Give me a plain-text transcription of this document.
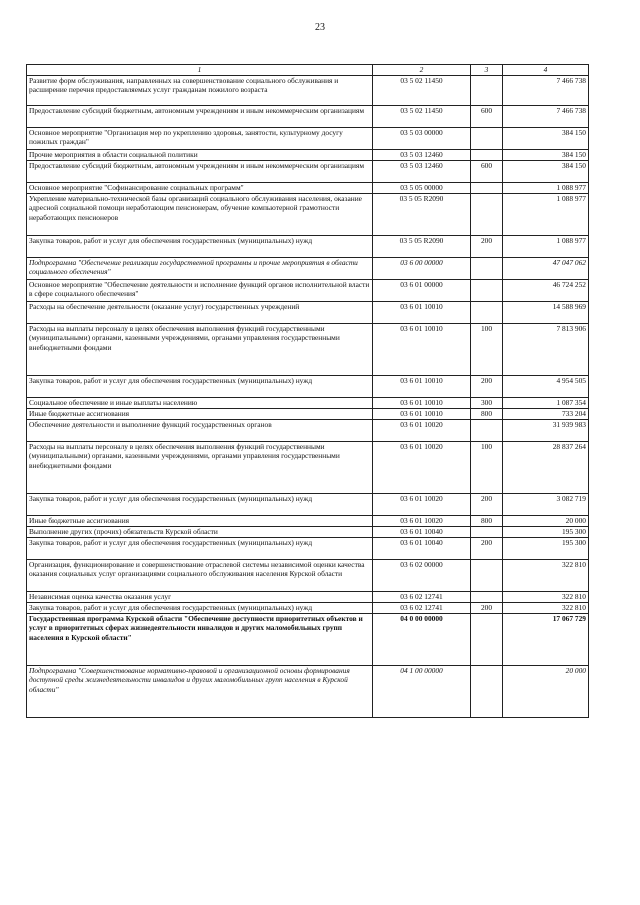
23
1	2	3	4
Развитие форм обслуживания, направленных на совершенствование социального обслуживания и расширение перечня предоставляемых услуг гражданам пожилого возраста	03 5 02 11450		7 466 738
Предоставление субсидий бюджетным, автономным учреждениям и иным некоммерческим организациям	03 5 02 11450	600	7 466 738
Основное мероприятие "Организация мер по укреплению здоровья, занятости, культурному досугу пожилых граждан"	03 5 03 00000		384 150
Прочие мероприятия в области социальной политики	03 5 03 12460		384 150
Предоставление субсидий бюджетным, автономным учреждениям и иным некоммерческим организациям	03 5 03 12460	600	384 150
Основное мероприятие "Софинансирование социальных программ"	03 5 05 00000		1 088 977
Укрепление материально-технической базы организаций социального обслуживания населения, оказание адресной социальной помощи неработающим пенсионерам, обучение компьютерной грамотности неработающих пенсионеров	03 5 05 R2090		1 088 977
Закупка товаров, работ и услуг для обеспечения государственных (муниципальных) нужд	03 5 05 R2090	200	1 088 977
Подпрограмма "Обеспечение реализации государственной программы и прочие мероприятия в области социального обеспечения"	03 6 00 00000		47 047 062
Основное мероприятие "Обеспечение деятельности и исполнение функций органов исполнительной власти в сфере социального обеспечения"	03 6 01 00000		46 724 252
Расходы на обеспечение деятельности (оказание услуг) государственных учреждений	03 6 01 10010		14 588 969
Расходы на выплаты персоналу в целях обеспечения выполнения функций государственными (муниципальными) органами, казенными учреждениями, органами управления государственными внебюджетными фондами	03 6 01 10010	100	7 813 906
Закупка товаров, работ и услуг для обеспечения государственных (муниципальных) нужд	03 6 01 10010	200	4 954 505
Социальное обеспечение и иные выплаты населению	03 6 01 10010	300	1 087 354
Иные бюджетные ассигнования	03 6 01 10010	800	733 204
Обеспечение деятельности и выполнение функций государственных органов	03 6 01 10020		31 939 983
Расходы на выплаты персоналу в целях обеспечения выполнения функций государственными (муниципальными) органами, казенными учреждениями, органами управления государственными внебюджетными фондами	03 6 01 10020	100	28 837 264
Закупка товаров, работ и услуг для обеспечения государственных (муниципальных) нужд	03 6 01 10020	200	3 082 719
Иные бюджетные ассигнования	03 6 01 10020	800	20 000
Выполнение других (прочих) обязательств Курской области	03 6 01 10040		195 300
Закупка товаров, работ и услуг для обеспечения государственных (муниципальных) нужд	03 6 01 10040	200	195 300
Организация, функционирование и совершенствование отраслевой системы независимой оценки качества оказания социальных услуг организациями социального обслуживания населения Курской области	03 6 02 00000		322 810
Независимая оценка качества оказания услуг	03 6 02 12741		322 810
Закупка товаров, работ и услуг для обеспечения государственных (муниципальных) нужд	03 6 02 12741	200	322 810
Государственная программа Курской области "Обеспечение доступности приоритетных объектов и услуг в приоритетных сферах жизнедеятельности инвалидов и других маломобильных групп населения в Курской области"	04 0 00 00000		17 067 729
Подпрограмма "Совершенствование нормативно-правовой и организационной основы формирования доступной среды жизнедеятельности инвалидов и других маломобильных групп населения в Курской области"	04 1 00 00000		20 000
